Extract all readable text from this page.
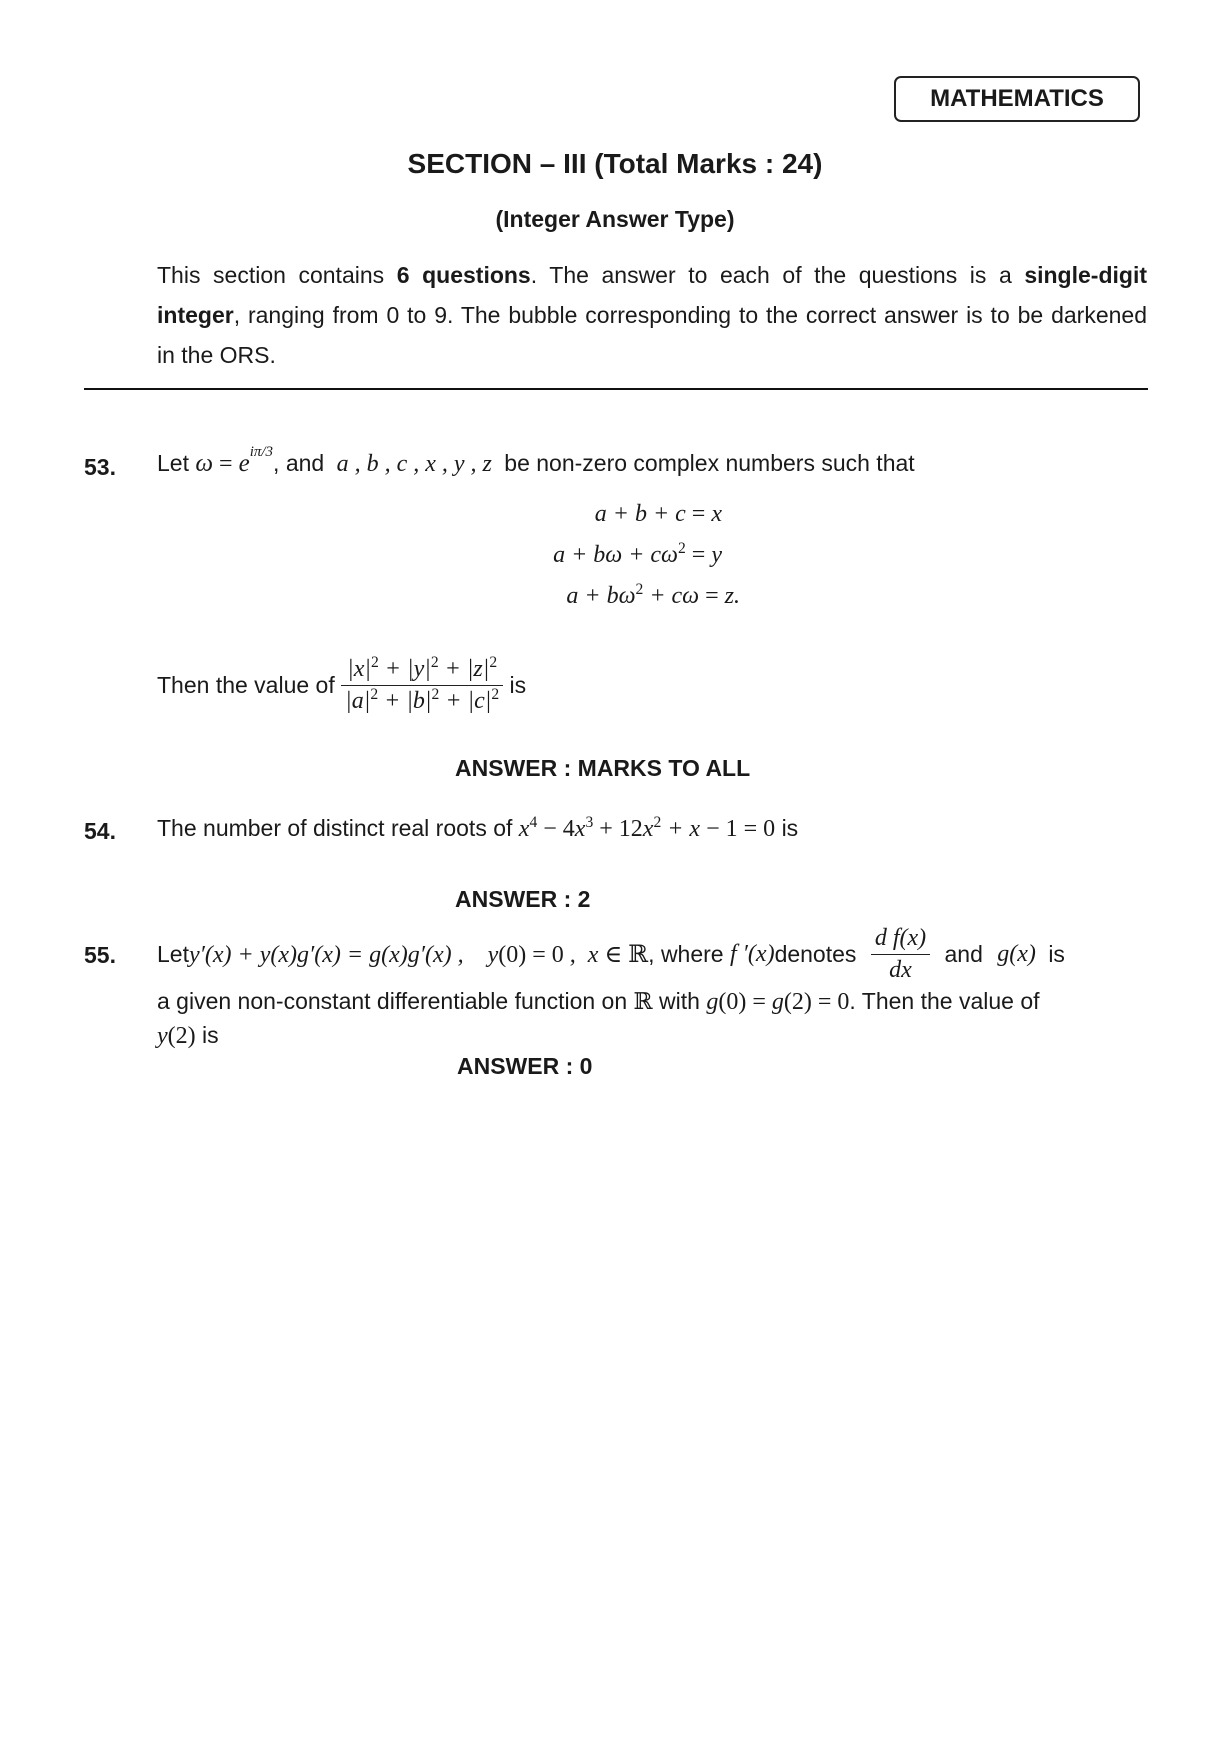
MATHEMATICS
SECTION – III (Total Marks : 24)
(Integer Answer Type)
This section contains 6 questions. The answer to each of the questions is a single-digit integer, ranging from 0 to 9. The bubble corresponding to the correct answer is to be darkened in the ORS.
53. Let $\omega = e^{i\pi/3}$, and  a , b , c , x , y , z  be non-zero complex numbers such that
a + b + c = x
$a + b\omega + c\omega^2 = y$
$a + b\omega^2 + c\omega = z$.
Then the value of $\frac{|x|^2 + |y|^2 + |z|^2}{|a|^2 + |b|^2 + |c|^2}$ is
ANSWER : MARKS TO ALL
54. The number of distinct real roots of $x^4 - 4x^3 + 12x^2 + x - 1 = 0$ is
ANSWER : 2
55. Lety′(x) + y(x)g′(x) = g(x)g′(x) ,    y(0) = 0 ,  x ∈ ℝ, where f ′(x)denotes $\frac{\text{d f(x)}}{dx}$ and g(x) is
a given non-constant differentiable function on ℝ with g(0) = g(2) = 0. Then the value of
y(2) is
ANSWER : 0
